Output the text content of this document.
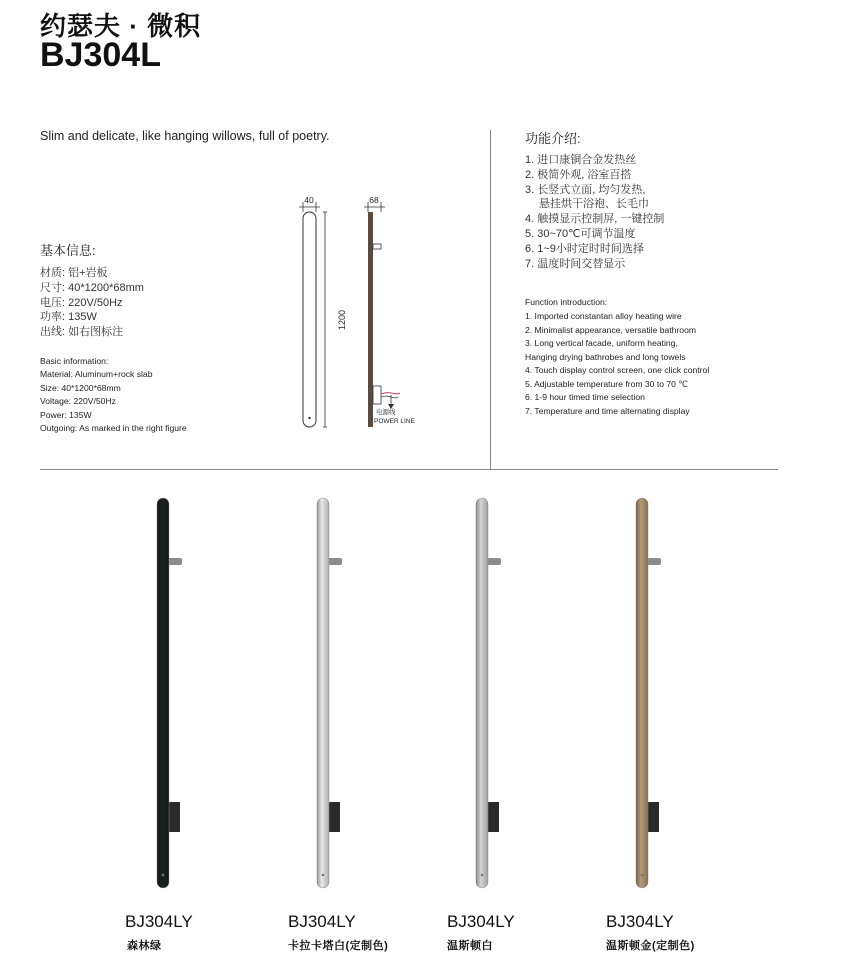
约瑟夫 · 微积
BJ304L
Slim and delicate, like hanging willows, full of poetry.
基本信息:
材质: 铝+岩板
尺寸: 40*1200*68mm
电压: 220V/50Hz
功率: 135W
出线: 如右图标注
Basic information:
Material: Aluminum+rock slab
Size: 40*1200*68mm
Voltage: 220V/50Hz
Power: 135W
Outgoing: As marked in the right figure
40
1200
68
电源线
POWER LINE
功能介绍:
1. 进口康铜合金发热丝
2. 极简外观, 浴室百搭
3. 长竖式立面, 均匀发热,
悬挂烘干浴袍、长毛巾
4. 触摸显示控制屏, 一键控制
5. 30~70℃可调节温度
6. 1~9小时定时时间选择
7. 温度时间交替显示
Function introduction:
1. Imported constantan alloy heating wire
2. Minimalist appearance, versatile bathroom
3. Long vertical facade, uniform heating,
Hanging drying bathrobes and long towels
4. Touch display control screen, one click control
5. Adjustable temperature from 30 to 70 ℃
6. 1-9 hour timed time selection
7. Temperature and time alternating display
BJ304LY
森林绿
BJ304LY
卡拉卡塔白(定制色)
BJ304LY
温斯顿白
BJ304LY
温斯顿金(定制色)
